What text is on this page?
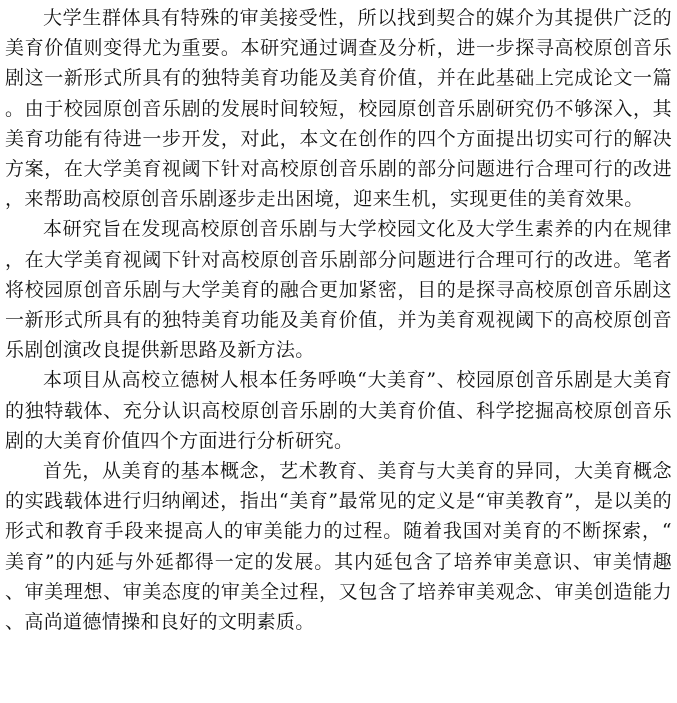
大学生群体具有特殊的审美接受性，所以找到契合的媒介为其提供广泛的美育价值则变得尤为重要。本研究通过调查及分析，进一步探寻高校原创音乐剧这一新形式所具有的独特美育功能及美育价值，并在此基础上完成论文一篇。由于校园原创音乐剧的发展时间较短，校园原创音乐剧研究仍不够深入，其美育功能有待进一步开发，对此，本文在创作的四个方面提出切实可行的解决方案，在大学美育视阈下针对高校原创音乐剧的部分问题进行合理可行的改进，来帮助高校原创音乐剧逐步走出困境，迎来生机，实现更佳的美育效果。

本研究旨在发现高校原创音乐剧与大学校园文化及大学生素养的内在规律，在大学美育视阈下针对高校原创音乐剧部分问题进行合理可行的改进。笔者将校园原创音乐剧与大学美育的融合更加紧密，目的是探寻高校原创音乐剧这一新形式所具有的独特美育功能及美育价值，并为美育观视阈下的高校原创音乐剧创演改良提供新思路及新方法。

本项目从高校立德树人根本任务呼唤“大美育”、校园原创音乐剧是大美育的独特载体、充分认识高校原创音乐剧的大美育价值、科学挖掘高校原创音乐剧的大美育价值四个方面进行分析研究。

首先，从美育的基本概念，艺术教育、美育与大美育的异同，大美育概念的实践载体进行归纳阐述，指出“美育”最常见的定义是“审美教育”，是以美的形式和教育手段来提高人的审美能力的过程。随着我国对美育的不断探索，“美育”的内延与外延都得一定的发展。其内延包含了培养审美意识、审美情趣、审美理想、审美态度的审美全过程，又包含了培养审美观念、审美创造能力、高尚道德情操和良好的文明素质。
